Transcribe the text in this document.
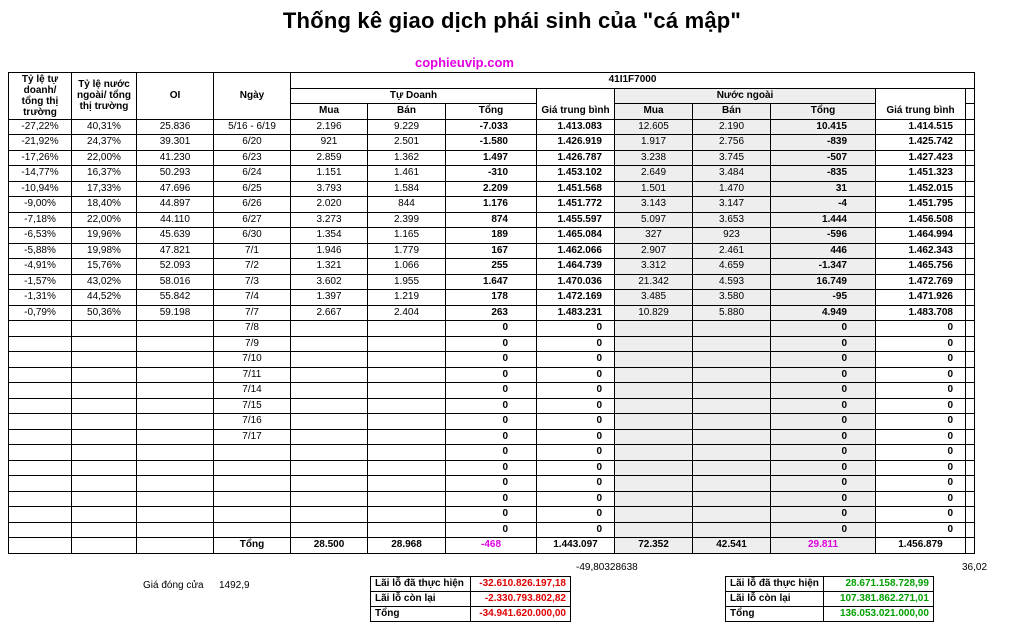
Thống kê giao dịch phái sinh của "cá mập"
cophieuvip.com
Tỷ lệ tự doanh/ tổng thị trường	Tỷ lệ nước ngoài/ tổng thị trường	OI	Ngày	41I1F7000								
				Tự Doanh				Nước ngoài				
				Mua	Bán	Tổng	Giá trung bình	Mua	Bán	Tổng	Giá trung bình	
-27,22%	40,31%	25.836	5/16 - 6/19	2.196	9.229	-7.033	1.413.083	12.605	2.190	10.415	1.414.515	
-21,92%	24,37%	39.301	6/20	921	2.501	-1.580	1.426.919	1.917	2.756	-839	1.425.742	
-17,26%	22,00%	41.230	6/23	2.859	1.362	1.497	1.426.787	3.238	3.745	-507	1.427.423	
-14,77%	16,37%	50.293	6/24	1.151	1.461	-310	1.453.102	2.649	3.484	-835	1.451.323	
-10,94%	17,33%	47.696	6/25	3.793	1.584	2.209	1.451.568	1.501	1.470	31	1.452.015	
-9,00%	18,40%	44.897	6/26	2.020	844	1.176	1.451.772	3.143	3.147	-4	1.451.795	
-7,18%	22,00%	44.110	6/27	3.273	2.399	874	1.455.597	5.097	3.653	1.444	1.456.508	
-6,53%	19,96%	45.639	6/30	1.354	1.165	189	1.465.084	327	923	-596	1.464.994	
-5,88%	19,98%	47.821	7/1	1.946	1.779	167	1.462.066	2.907	2.461	446	1.462.343	
-4,91%	15,76%	52.093	7/2	1.321	1.066	255	1.464.739	3.312	4.659	-1.347	1.465.756	
-1,57%	43,02%	58.016	7/3	3.602	1.955	1.647	1.470.036	21.342	4.593	16.749	1.472.769	
-1,31%	44,52%	55.842	7/4	1.397	1.219	178	1.472.169	3.485	3.580	-95	1.471.926	
-0,79%	50,36%	59.198	7/7	2.667	2.404	263	1.483.231	10.829	5.880	4.949	1.483.708	
			7/8			0	0			0	0	
			7/9			0	0			0	0	
			7/10			0	0			0	0	
			7/11			0	0			0	0	
			7/14			0	0			0	0	
			7/15			0	0			0	0	
			7/16			0	0			0	0	
			7/17			0	0			0	0	
						0	0			0	0	
						0	0			0	0	
						0	0			0	0	
						0	0			0	0	
						0	0			0	0	
						0	0			0	0	
			Tổng	28.500	28.968	-468	1.443.097	72.352	42.541	29.811	1.456.879	
-49,80328638	36,02
Giá đóng cửa 1492,9	Lãi lỗ đã thực hiện	-32.610.826.197,18
Lãi lỗ còn lại	-2.330.793.802,82
Tổng	-34.941.620.000,00
Lãi lỗ đã thực hiện	28.671.158.728,99
Lãi lỗ còn lại	107.381.862.271,01
Tổng	136.053.021.000,00
